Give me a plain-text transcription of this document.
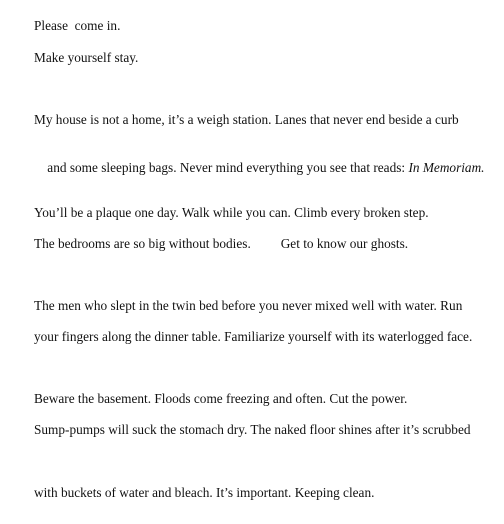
Please  come in.
Make yourself stay.
My house is not a home, it’s a weigh station. Lanes that never end beside a curb

and some sleeping bags. Never mind everything you see that reads: In Memoriam.

You’ll be a plaque one day. Walk while you can. Climb every broken step.
The bedrooms are so big without bodies.         Get to know our ghosts.
The men who slept in the twin bed before you never mixed well with water. Run
your fingers along the dinner table. Familiarize yourself with its waterlogged face.
Beware the basement. Floods come freezing and often. Cut the power.
Sump-pumps will suck the stomach dry. The naked floor shines after it’s scrubbed
with buckets of water and bleach. It’s important. Keeping clean.
